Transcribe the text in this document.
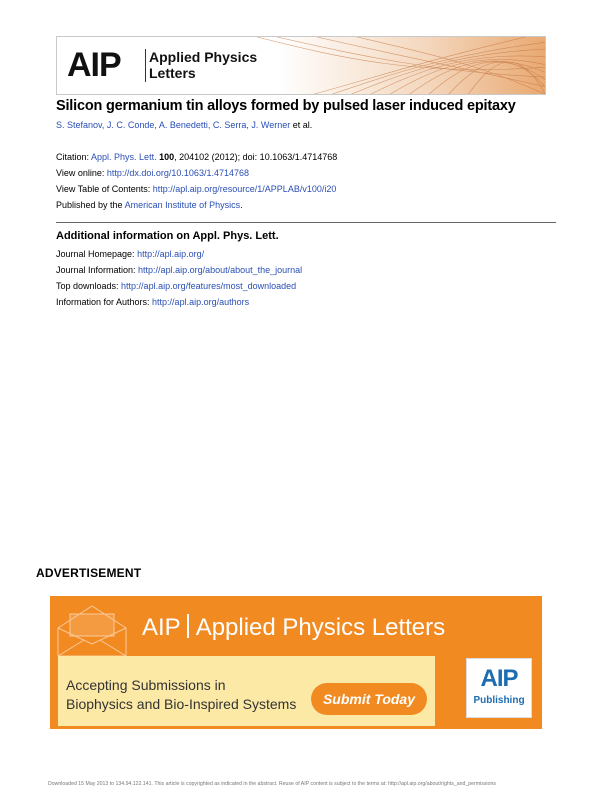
AIP Applied Physics
Letters
Silicon germanium tin alloys formed by pulsed laser induced epitaxy
S. Stefanov, J. C. Conde, A. Benedetti, C. Serra, J. Werner et al.
Citation: Appl. Phys. Lett. 100, 204102 (2012); doi: 10.1063/1.4714768
View online: http://dx.doi.org/10.1063/1.4714768
View Table of Contents: http://apl.aip.org/resource/1/APPLAB/v100/i20
Published by the American Institute of Physics.
Additional information on Appl. Phys. Lett.
Journal Homepage: http://apl.aip.org/
Journal Information: http://apl.aip.org/about/about_the_journal
Top downloads: http://apl.aip.org/features/most_downloaded
Information for Authors: http://apl.aip.org/authors
ADVERTISEMENT
AIP Applied Physics Letters
Accepting Submissions in
Biophysics and Bio-Inspired Systems	Submit Today
AIP
Publishing
Downloaded 15 May 2013 to 134.94.122.141. This article is copyrighted as indicated in the abstract. Reuse of AIP content is subject to the terms at: http://apl.aip.org/about/rights_and_permissions
